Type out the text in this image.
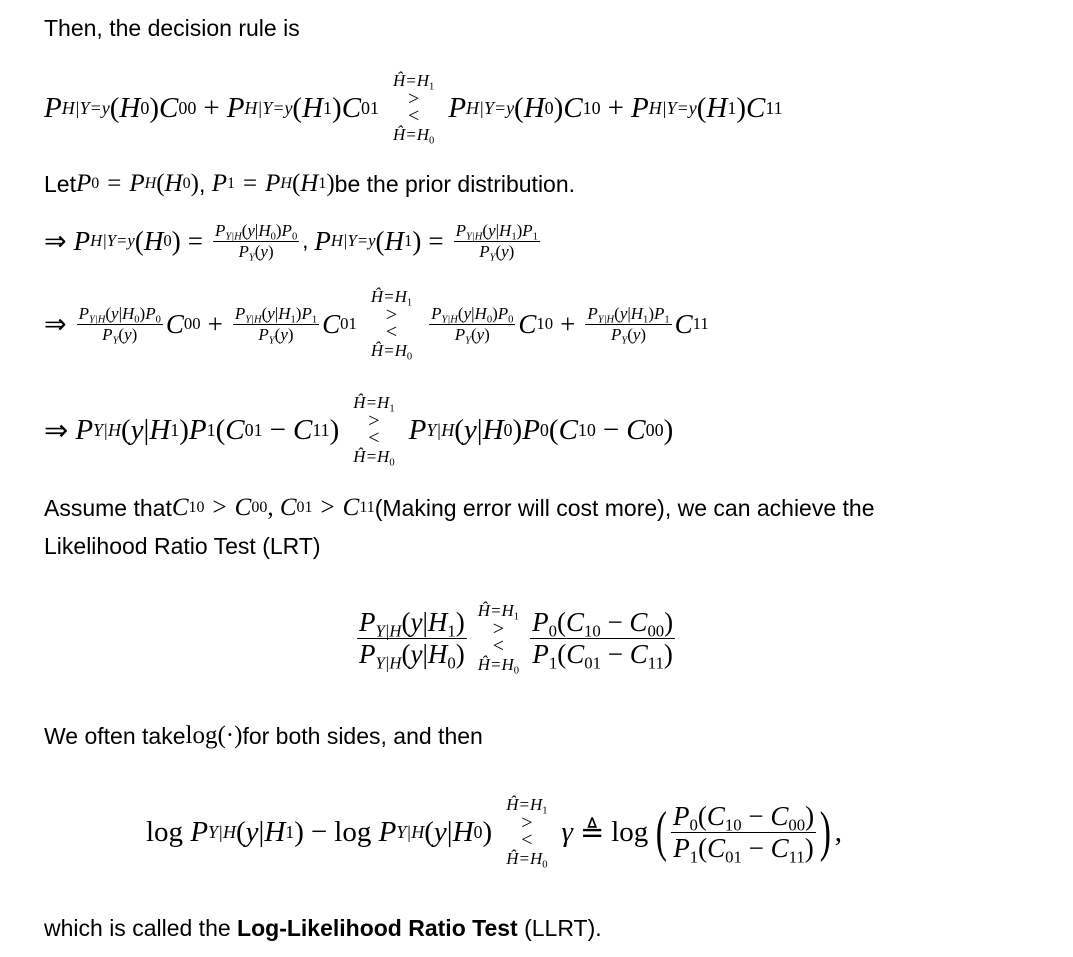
Then, the decision rule is
P H|Y=y ( H 0 ) C 00 + P H|Y=y ( H 1 ) C 01
$Ĥ=H_1$
>
<
$Ĥ=H_0$
P H|Y=y ( H 0 ) C 10 + P H|Y=y ( H 1 ) C 11
Let P 0 = P H ( H 0 ) , P 1 = P H ( H 1 ) be the prior distribution.
⇒ P H|Y=y ( H 0 ) = $\frac{P_{Y|H}(y|H_0)P_0}{P_Y(y)}$ , P H|Y=y ( H 1 ) = $\frac{P_{Y|H}(y|H_1)P_1}{P_Y(y)}$
⇒ $\frac{P_{Y|H}(y|H_0)P_0}{P_Y(y)}$ C $00 + \frac{P_{Y|H}(y|H_1)P_1}{P_Y(y)}$ C 01
$Ĥ=H_1$
>
<
$Ĥ=H_0$
$\frac{P_{Y|H}(y|H_0)P_0}{P_Y(y)}$ C $10 + \frac{P_{Y|H}(y|H_1)P_1}{P_Y(y)}$ C 11
⇒ P Y|H ( y | H 1 ) P 1 ( C 01 − C 11 )
$Ĥ=H_1$
>
<
$Ĥ=H_0$
P Y|H ( y | H 0 ) P 0 ( C 10 − C 00 )
Assume that C 10 > C 00 , C 01 > C 11 (Making error will cost more), we can achieve the
Likelihood Ratio Test (LRT)
$\frac{P_{Y|H}(y|H_1)}{P_{Y|H}(y|H_0)}$ $Ĥ=H_1$
>
<
$Ĥ=H_0$
$\frac{P_0(C_{10} - C_{00})}{P_1(C_{01} - C_{11})}$
We often take log (·) for both sides, and then
log P Y|H ( y | H 1 ) − log P Y|H ( y | H 0 )
$Ĥ=H_1$
>
<
$Ĥ=H_0$
γ ≜ log ( $\frac{P_0(C_{10} - C_{00})}{P_1(C_{01} - C_{11})}$ ) ,
which is called the Log-Likelihood Ratio Test (LLRT).
